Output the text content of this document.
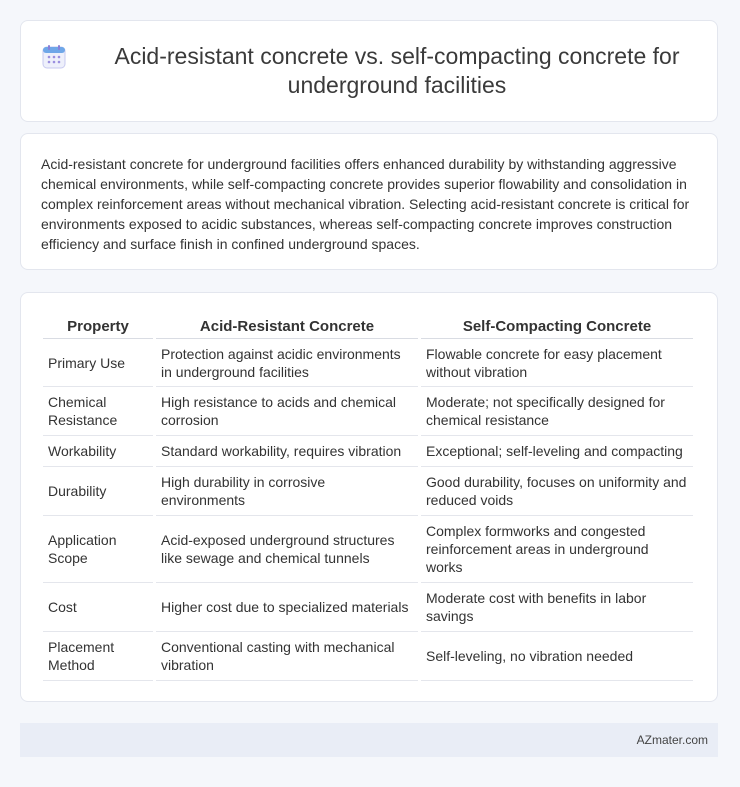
Acid-resistant concrete vs. self-compacting concrete for underground facilities

Acid-resistant concrete for underground facilities offers enhanced durability by withstanding aggressive chemical environments, while self-compacting concrete provides superior flowability and consolidation in complex reinforcement areas without mechanical vibration. Selecting acid-resistant concrete is critical for environments exposed to acidic substances, whereas self-compacting concrete improves construction efficiency and surface finish in confined underground spaces.

Property	Acid-Resistant Concrete	Self-Compacting Concrete
Primary Use	Protection against acidic environments in underground facilities	Flowable concrete for easy placement without vibration
Chemical Resistance	High resistance to acids and chemical corrosion	Moderate; not specifically designed for chemical resistance
Workability	Standard workability, requires vibration	Exceptional; self-leveling and compacting
Durability	High durability in corrosive environments	Good durability, focuses on uniformity and reduced voids
Application Scope	Acid-exposed underground structures like sewage and chemical tunnels	Complex formworks and congested reinforcement areas in underground works
Cost	Higher cost due to specialized materials	Moderate cost with benefits in labor savings
Placement Method	Conventional casting with mechanical vibration	Self-leveling, no vibration needed
AZmater.com
